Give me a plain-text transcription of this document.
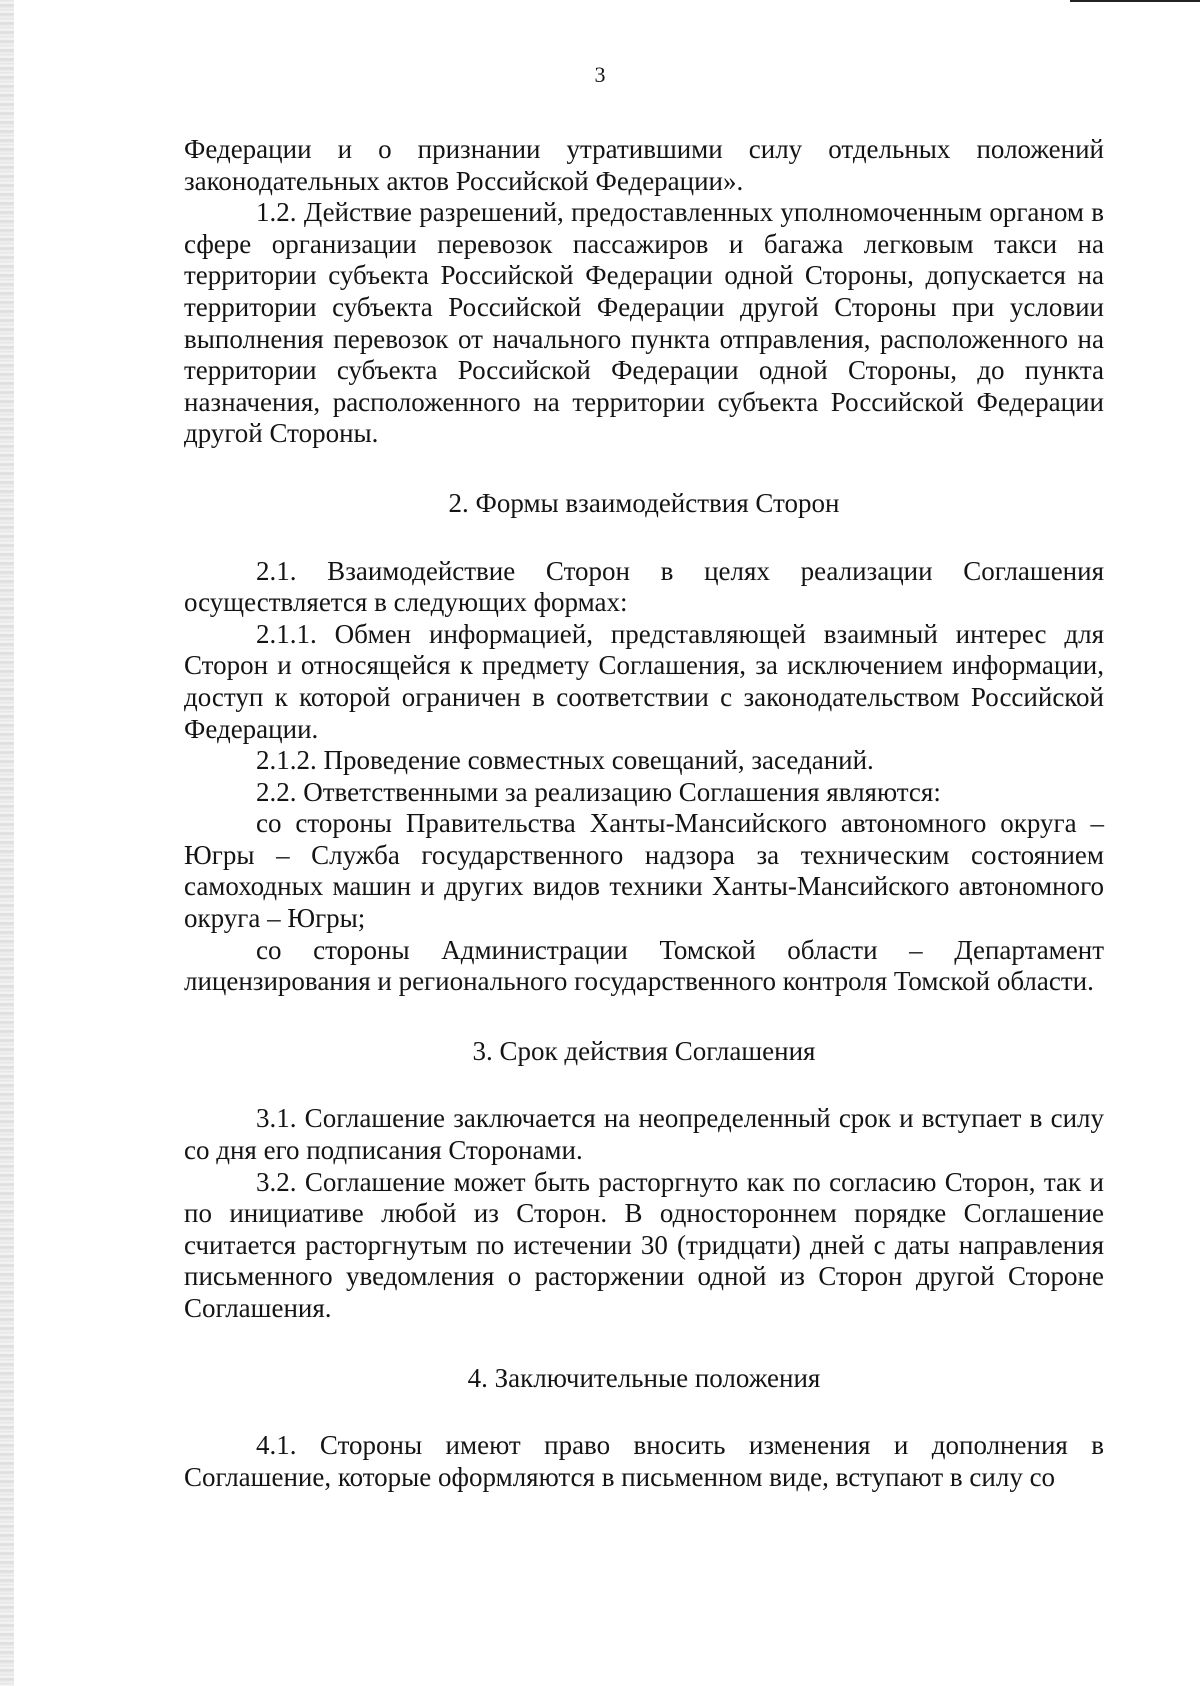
3

Федерации и о признании утратившими силу отдельных положений законодательных актов Российской Федерации».

1.2. Действие разрешений, предоставленных уполномоченным органом в сфере организации перевозок пассажиров и багажа легковым такси на территории субъекта Российской Федерации одной Стороны, допускается на территории субъекта Российской Федерации другой Стороны при условии выполнения перевозок от начального пункта отправления, расположенного на территории субъекта Российской Федерации одной Стороны, до пункта назначения, расположенного на территории субъекта Российской Федерации другой Стороны.

2. Формы взаимодействия Сторон

2.1. Взаимодействие Сторон в целях реализации Соглашения осуществляется в следующих формах:

2.1.1. Обмен информацией, представляющей взаимный интерес для Сторон и относящейся к предмету Соглашения, за исключением информации, доступ к которой ограничен в соответствии с законодательством Российской Федерации.

2.1.2. Проведение совместных совещаний, заседаний.

2.2. Ответственными за реализацию Соглашения являются:

со стороны Правительства Ханты-Мансийского автономного округа – Югры – Служба государственного надзора за техническим состоянием самоходных машин и других видов техники Ханты-Мансийского автономного округа – Югры;

со стороны Администрации Томской области – Департамент лицензирования и регионального государственного контроля Томской области.

3. Срок действия Соглашения

3.1. Соглашение заключается на неопределенный срок и вступает в силу со дня его подписания Сторонами.

3.2. Соглашение может быть расторгнуто как по согласию Сторон, так и по инициативе любой из Сторон. В одностороннем порядке Соглашение считается расторгнутым по истечении 30 (тридцати) дней с даты направления письменного уведомления о расторжении одной из Сторон другой Стороне Соглашения.

4. Заключительные положения

4.1. Стороны имеют право вносить изменения и дополнения в Соглашение, которые оформляются в письменном виде, вступают в силу со
